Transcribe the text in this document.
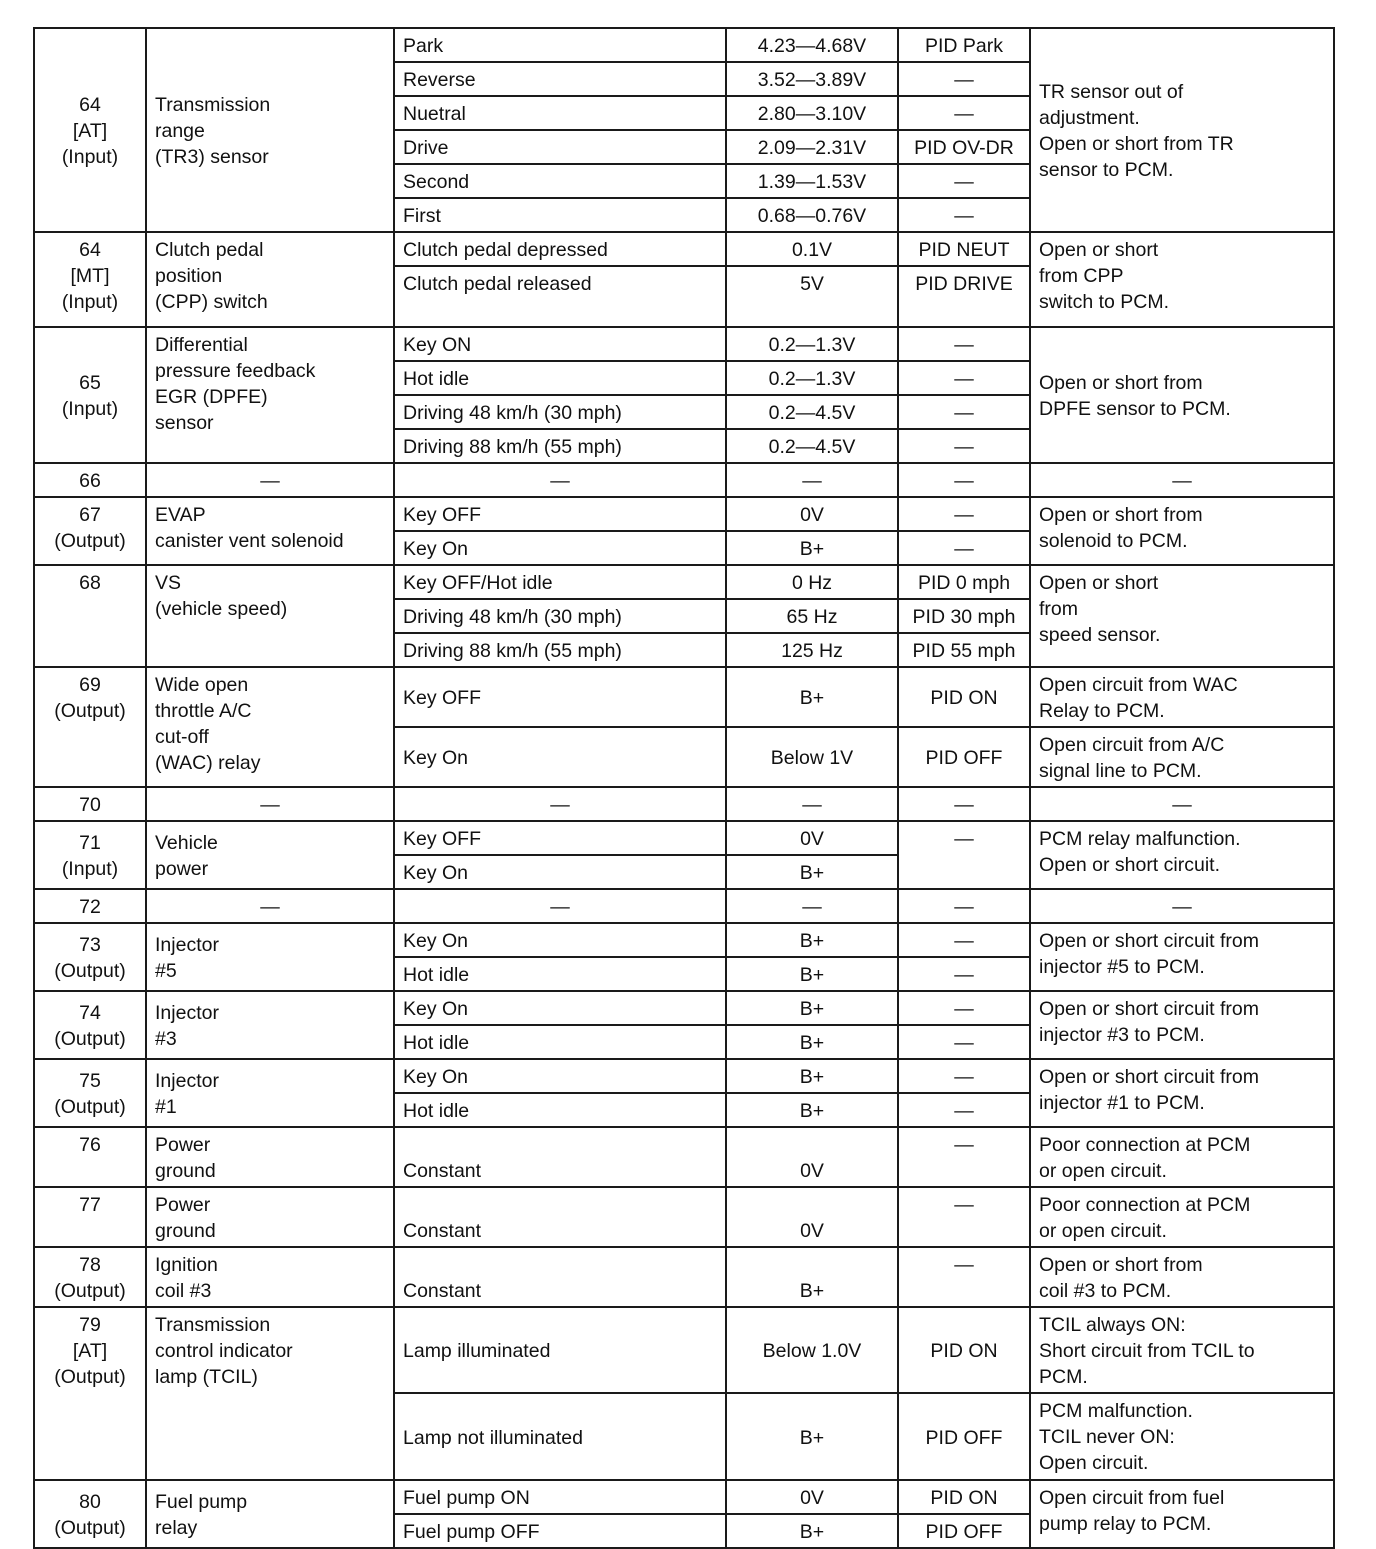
64
[AT]
(Input)	Transmission
range
(TR3) sensor	Park	4.23—4.68V	PID Park	TR sensor out of
adjustment.
Open or short from TR
sensor to PCM.

		Reverse	3.52—3.89V	—	
		Nuetral	2.80—3.10V	—	
		Drive	2.09—2.31V	PID OV-DR	
		Second	1.39—1.53V	—	
		First	0.68—0.76V	—	

64
[MT]
(Input)	Clutch pedal
position
(CPP) switch	Clutch pedal depressed	0.1V	PID NEUT	Open or short
from CPP
switch to PCM.

		Clutch pedal released	5V	PID DRIVE	

65
(Input)	Differential
pressure feedback
EGR (DPFE)
sensor	Key ON	0.2—1.3V	—	Open or short from
DPFE sensor to PCM.

		Hot idle	0.2—1.3V	—	
		Driving 48 km/h (30 mph)	0.2—4.5V	—	
		Driving 88 km/h (55 mph)	0.2—4.5V	—	

66	—	—	—	—	—

67
(Output)	EVAP
canister vent solenoid	Key OFF	0V	—	Open or short from
solenoid to PCM.

		Key On	B+	—	

68	VS
(vehicle speed)	Key OFF/Hot idle	0 Hz	PID 0 mph	Open or short
from
speed sensor.

		Driving 48 km/h (30 mph)	65 Hz	PID 30 mph	
		Driving 88 km/h (55 mph)	125 Hz	PID 55 mph	

69
(Output)	Wide open
throttle A/C
cut-off
(WAC) relay	Key OFF	B+	PID ON	Open circuit from WAC
Relay to PCM.

		Key On	Below 1V	PID OFF	Open circuit from A/C
signal line to PCM.

70	—	—	—	—	—

71
(Input)	Vehicle
power	Key OFF	0V	—	PCM relay malfunction.
Open or short circuit.

		Key On	B+		

72	—	—	—	—	—

73
(Output)	Injector
#5	Key On	B+	—	Open or short circuit from
injector #5 to PCM.

		Hot idle	B+	—	

74
(Output)	Injector
#3	Key On	B+	—	Open or short circuit from
injector #3 to PCM.

		Hot idle	B+	—	

75
(Output)	Injector
#1	Key On	B+	—	Open or short circuit from
injector #1 to PCM.

		Hot idle	B+	—	

76	Power
ground	Constant	0V	—	Poor connection at PCM
or open circuit.

77	Power
ground	Constant	0V	—	Poor connection at PCM
or open circuit.

78
(Output)	Ignition
coil #3	Constant	B+	—	Open or short from
coil #3 to PCM.

79
[AT]
(Output)	Transmission
control indicator
lamp (TCIL)	Lamp illuminated	Below 1.0V	PID ON	TCIL always ON:
Short circuit from TCIL to
PCM.

		Lamp not illuminated	B+	PID OFF	PCM malfunction.
TCIL never ON:
Open circuit.

80
(Output)	Fuel pump
relay	Fuel pump ON	0V	PID ON	Open circuit from fuel
pump relay to PCM.

		Fuel pump OFF	B+	PID OFF	
